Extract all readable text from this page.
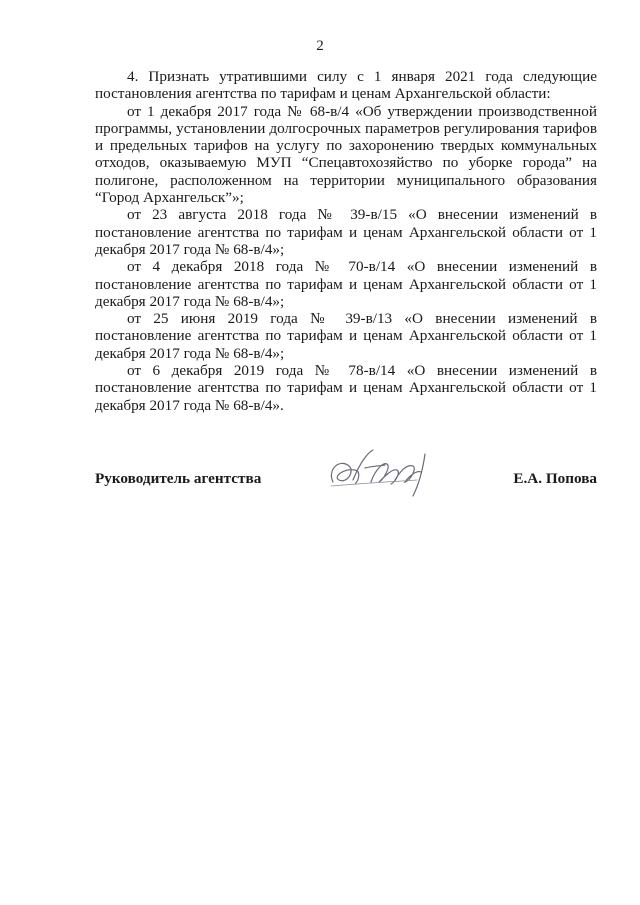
2

4. Признать утратившими силу с 1 января 2021 года следующие постановления агентства по тарифам и ценам Архангельской области:

от 1 декабря 2017 года № 68-в/4 «Об утверждении производственной программы, установлении долгосрочных параметров регулирования тарифов и предельных тарифов на услугу по захоронению твердых коммунальных отходов, оказываемую МУП “Спецавтохозяйство по уборке города” на полигоне, расположенном на территории муниципального образования “Город Архангельск”»;

от 23 августа 2018 года № 39-в/15 «О внесении изменений в постановление агентства по тарифам и ценам Архангельской области от 1 декабря 2017 года № 68-в/4»;

от 4 декабря 2018 года № 70-в/14 «О внесении изменений в постановление агентства по тарифам и ценам Архангельской области от 1 декабря 2017 года № 68-в/4»;

от 25 июня 2019 года № 39-в/13 «О внесении изменений в постановление агентства по тарифам и ценам Архангельской области от 1 декабря 2017 года № 68-в/4»;

от 6 декабря 2019 года № 78-в/14 «О внесении изменений в постановление агентства по тарифам и ценам Архангельской области от 1 декабря 2017 года № 68-в/4».

Руководитель агентства	Е.А. Попова
